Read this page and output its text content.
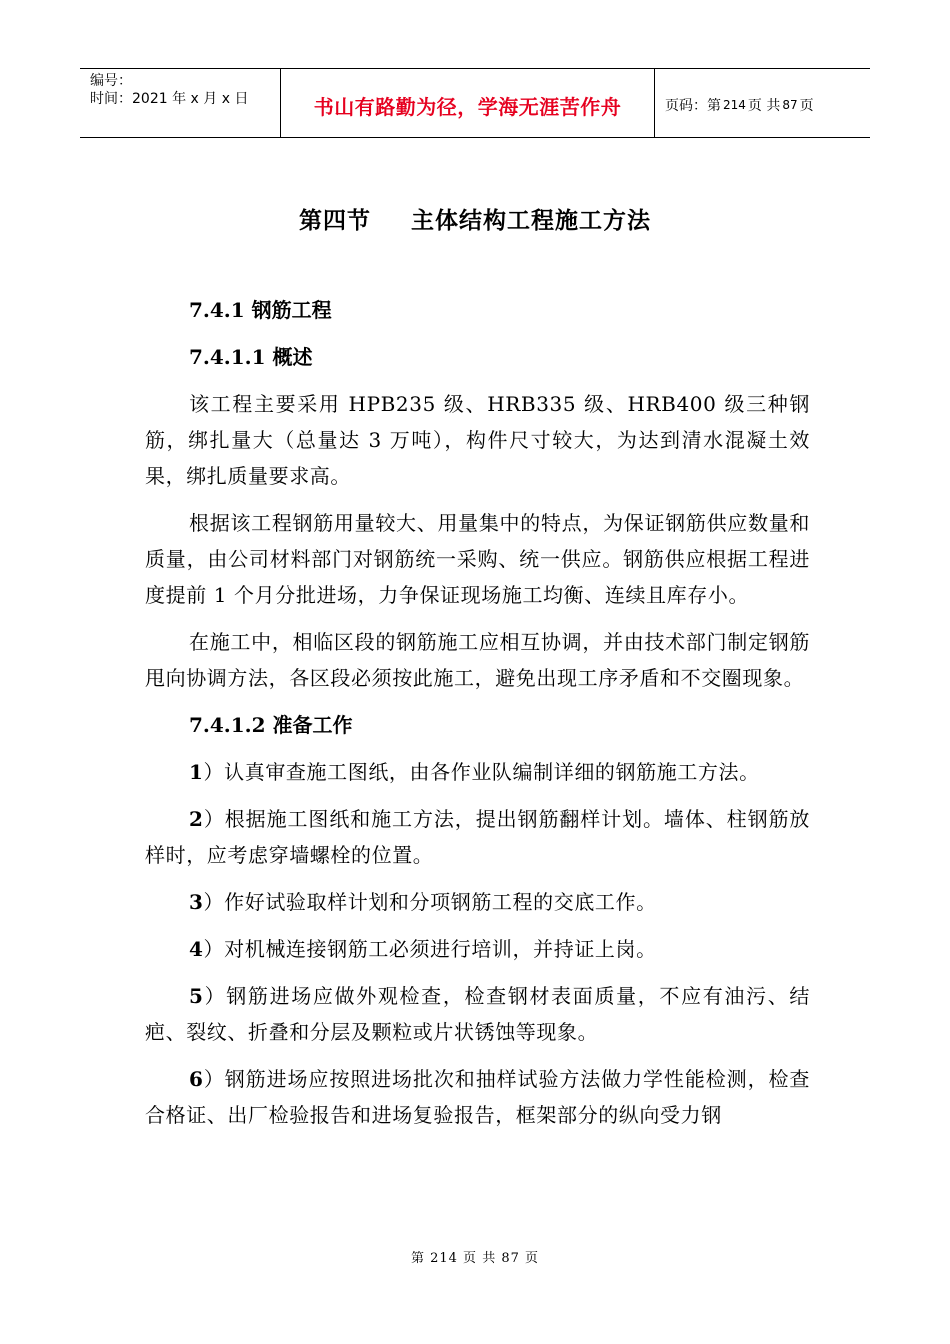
编号：
时间：2021 年 x 月 x 日	书山有路勤为径，学海无涯苦作舟	页码：第 214 页 共 87 页
第四节 主体结构工程施工方法
7.4.1 钢筋工程
7.4.1.1 概述
该工程主要采用 HPB235 级、HRB335 级、HRB400 级三种钢筋，绑扎量大（总量达 3 万吨），构件尺寸较大，为达到清水混凝土效果，绑扎质量要求高。
根据该工程钢筋用量较大、用量集中的特点，为保证钢筋供应数量和质量，由公司材料部门对钢筋统一采购、统一供应。钢筋供应根据工程进度提前 1 个月分批进场，力争保证现场施工均衡、连续且库存小。
在施工中，相临区段的钢筋施工应相互协调，并由技术部门制定钢筋甩向协调方法，各区段必须按此施工，避免出现工序矛盾和不交圈现象。
7.4.1.2 准备工作
1）认真审查施工图纸，由各作业队编制详细的钢筋施工方法。
2）根据施工图纸和施工方法，提出钢筋翻样计划。墙体、柱钢筋放样时，应考虑穿墙螺栓的位置。
3）作好试验取样计划和分项钢筋工程的交底工作。
4）对机械连接钢筋工必须进行培训，并持证上岗。
5）钢筋进场应做外观检查，检查钢材表面质量，不应有油污、结疤、裂纹、折叠和分层及颗粒或片状锈蚀等现象。
6）钢筋进场应按照进场批次和抽样试验方法做力学性能检测，检查合格证、出厂检验报告和进场复验报告，框架部分的纵向受力钢
第 214 页 共 87 页
